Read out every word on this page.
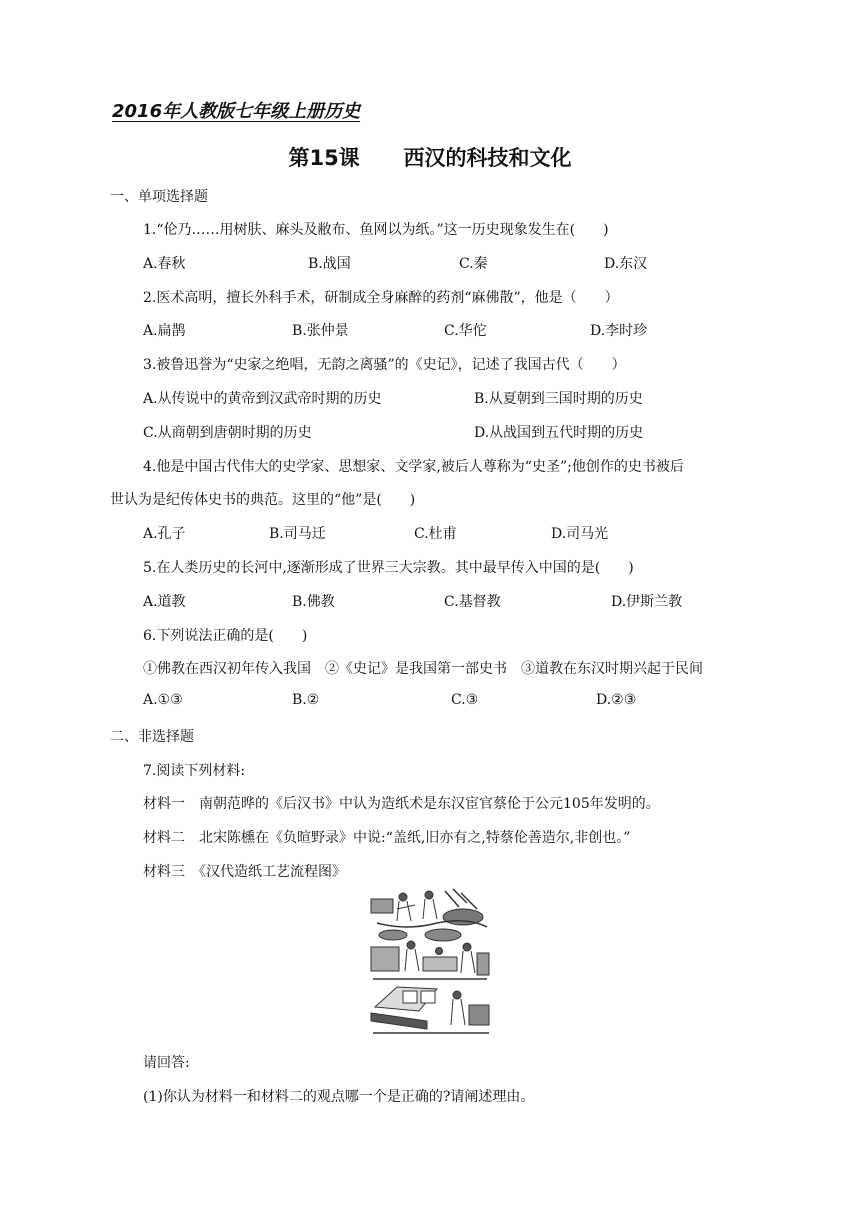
2016年人教版七年级上册历史
第15课      西汉的科技和文化
一、单项选择题
1.“伦乃……用树肤、麻头及敝布、鱼网以为纸。”这一历史现象发生在(　　)
A.春秋	B.战国	C.秦	D.东汉
2.医术高明，擅长外科手术，研制成全身麻醉的药剂“麻佛散”，他是（　　）
A.扁鹊	B.张仲景	C.华佗	D.李时珍
3.被鲁迅誉为“史家之绝唱，无韵之离骚”的《史记》，记述了我国古代（　　）
A.从传说中的黄帝到汉武帝时期的历史	B.从夏朝到三国时期的历史
C.从商朝到唐朝时期的历史	D.从战国到五代时期的历史
4.他是中国古代伟大的史学家、思想家、文学家,被后人尊称为“史圣”;他创作的史书被后
世认为是纪传体史书的典范。这里的“他”是(　　)
A.孔子	B.司马迁	C.杜甫	D.司马光
5.在人类历史的长河中,逐渐形成了世界三大宗教。其中最早传入中国的是(　　)
A.道教	B.佛教	C.基督教	D.伊斯兰教
6.下列说法正确的是(　　)
①佛教在西汉初年传入我国　②《史记》是我国第一部史书　③道教在东汉时期兴起于民间
A.①③	B.②	C.③	D.②③
二、非选择题
7.阅读下列材料:
材料一　南朝范晔的《后汉书》中认为造纸术是东汉宦官蔡伦于公元105年发明的。
材料二　北宋陈櫄在《负暄野录》中说:“盖纸,旧亦有之,特蔡伦善造尔,非创也。”
材料三　《汉代造纸工艺流程图》
请回答:
(1)你认为材料一和材料二的观点哪一个是正确的?请阐述理由。
